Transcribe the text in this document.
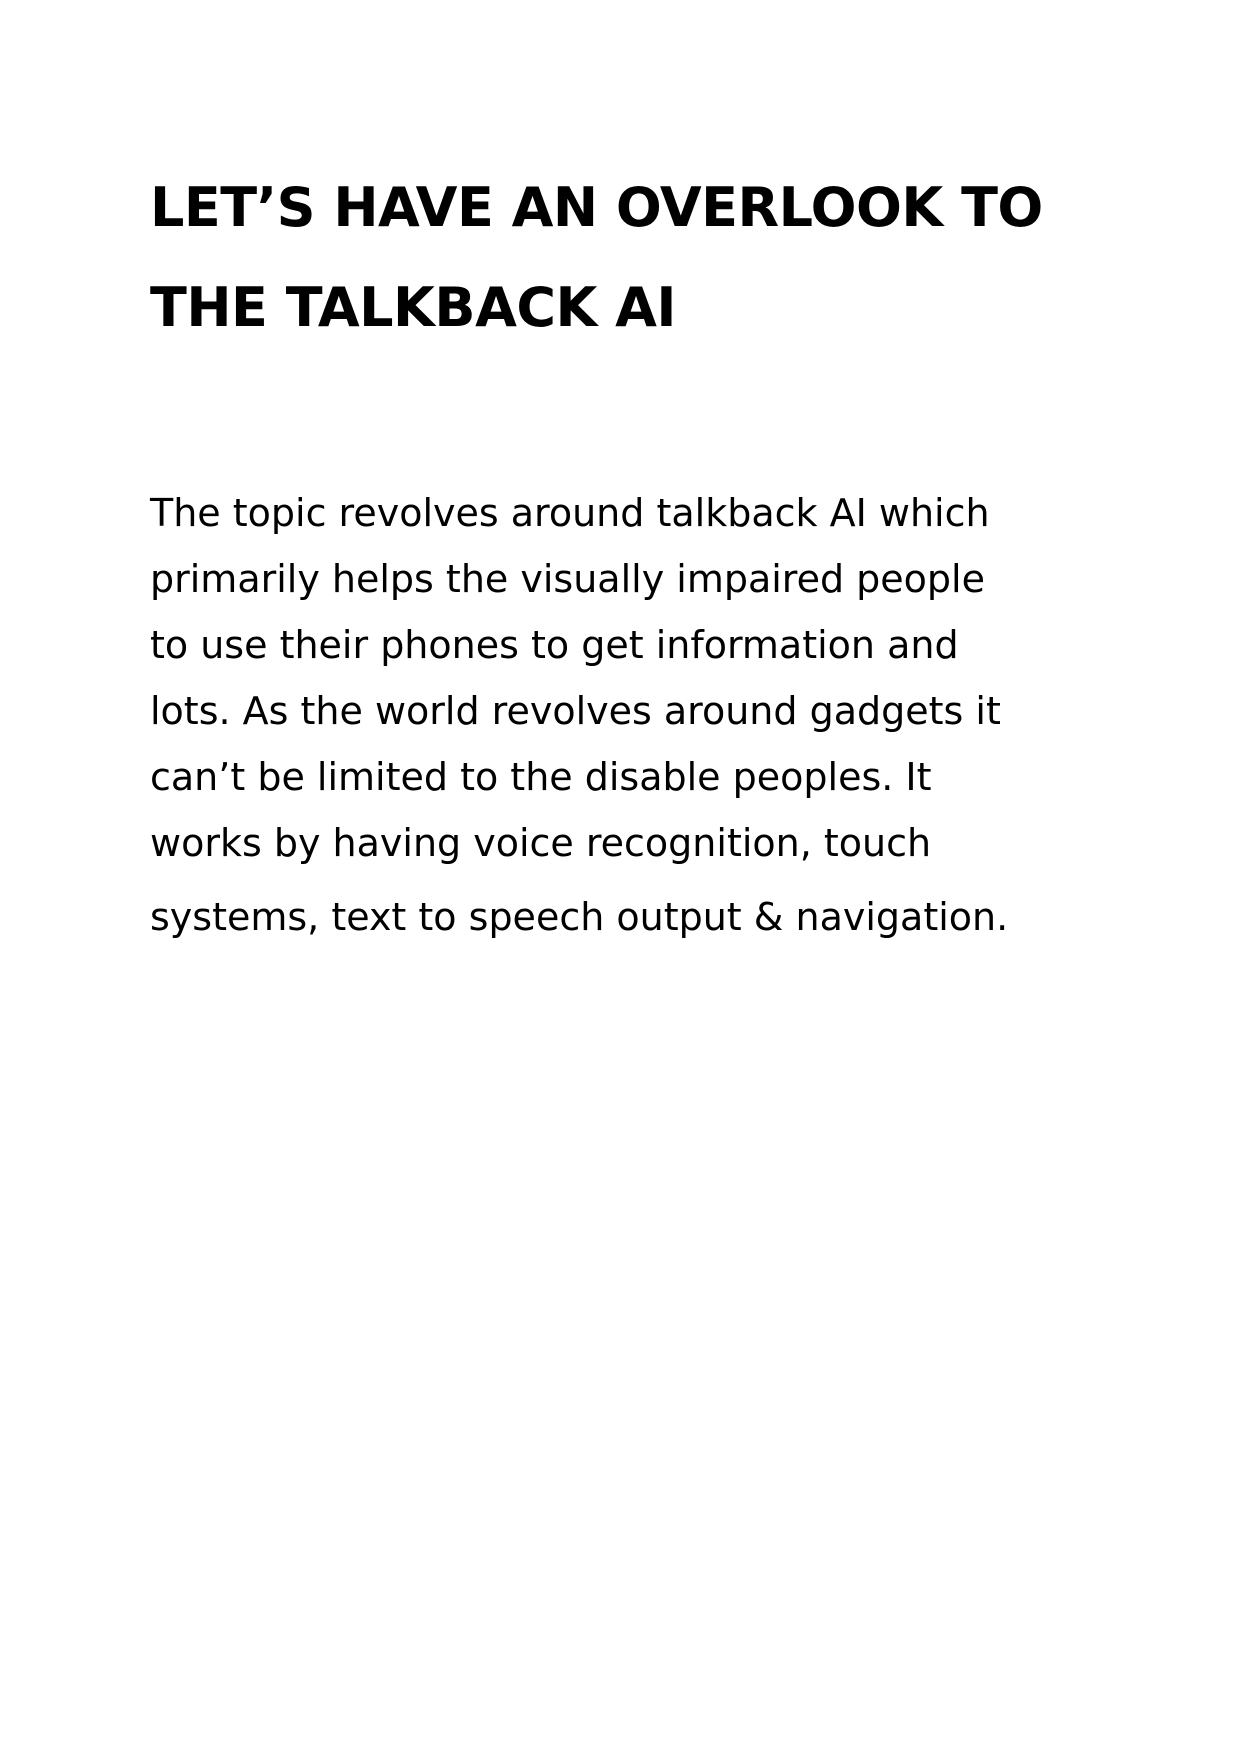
LET’S HAVE AN OVERLOOK TO
THE TALKBACK AI

The topic revolves around talkback AI which
primarily helps the visually impaired people
to use their phones to get information and
lots. As the world revolves around gadgets it
can’t be limited to the disable peoples. It
works by having voice recognition, touch
systems, text to speech output & navigation.
